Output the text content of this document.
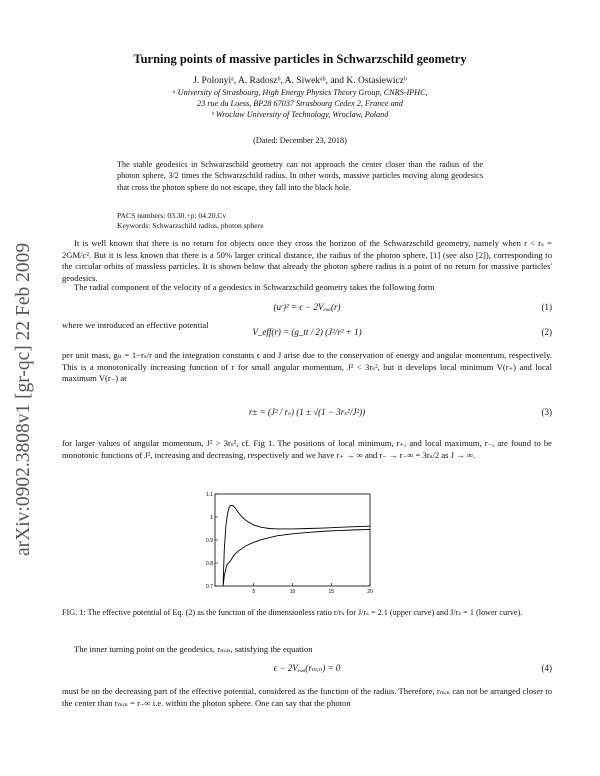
Turning points of massive particles in Schwarzschild geometry
J. Polonyiᵃ, A. Radoszᵇ, A. Siwekᵃᵇ, and K. Ostasiewiczᵇ
ᵃ University of Strasbourg, High Energy Physics Theory Group, CNRS-IPHC,
23 rue du Loess, BP28 67037 Strasbourg Cedex 2, France and
ᵇ Wroclaw University of Technology, Wroclaw, Poland
(Dated: December 23, 2018)
The stable geodesics in Schwarzschild geometry can not approach the center closer than the radius of the photon sphere, 3/2 times the Schwarzschild radius. In other words, massive particles moving along geodesics that cross the photon sphere do not escape, they fall into the black hole.
PACS numbers: 03.30.+p; 04.20.Cv
Keywords: Schwarzschild radius, photon sphere
arXiv:0902.3808v1 [gr-qc] 22 Feb 2009	It is well known that there is no return for objects once they cross the horizon of the Schwarzschild geometry, namely when r < rₛ = 2GM/c². But it is less known that there is a 50% larger critical distance, the radius of the photon sphere, [1] (see also [2]), corresponding to the circular orbits of massless particles. It is shown below that already the photon sphere radius is a point of no return for massive particles' geodesics.
The radial component of the velocity of a geodesics in Schwarzschild geometry takes the following form
(uʳ)² = ϵ − 2Vₑₒₒ(r)	(1)
where we introduced an effective potential
V_eff(r) = (g_tt / 2) (J²/r² + 1)	(2)
per unit mass, gₜₜ = 1−rₛ/r and the integration constants ϵ and J arise due to the conservation of energy and angular momentum, respectively. This is a monotonically increasing function of r for small angular momentum, J² < 3rₛ², but it develops local minimum V(r₊) and local maximum V(r₋) at
r± = (J² / rₛ) (1 ± √(1 − 3rₛ²/J²))	(3)
for larger values of angular momentum, J² > 3rₛ², cf. Fig 1. The positions of local minimum, r₊, and local maximum, r₋, are found to be monotonic functions of J², increasing and decreasing, respectively and we have r₊ → ∞ and r₋ → r₋∞ = 3rₛ/2 as J → ∞.
0.7
0.8
0.9
1
1.1
5	10	15	20
FIG. 1: The effective potential of Eq. (2) as the function of the dimensionless ratio r/rₛ for J/rₛ = 2.1 (upper curve) and J/rₛ = 1 (lower curve).
The inner turning point on the geodesics, rₘᵢₙ, satisfying the equation
ϵ − 2Vₑₒₒ(rₘᵢₙ) = 0	(4)
must be on the decreasing part of the effective potential, considered as the function of the radius. Therefore, rₘᵢₙ can not be arranged closer to the center than rₘᵢₙ = r₋∞ i.e. within the photon sphere. One can say that the photon
